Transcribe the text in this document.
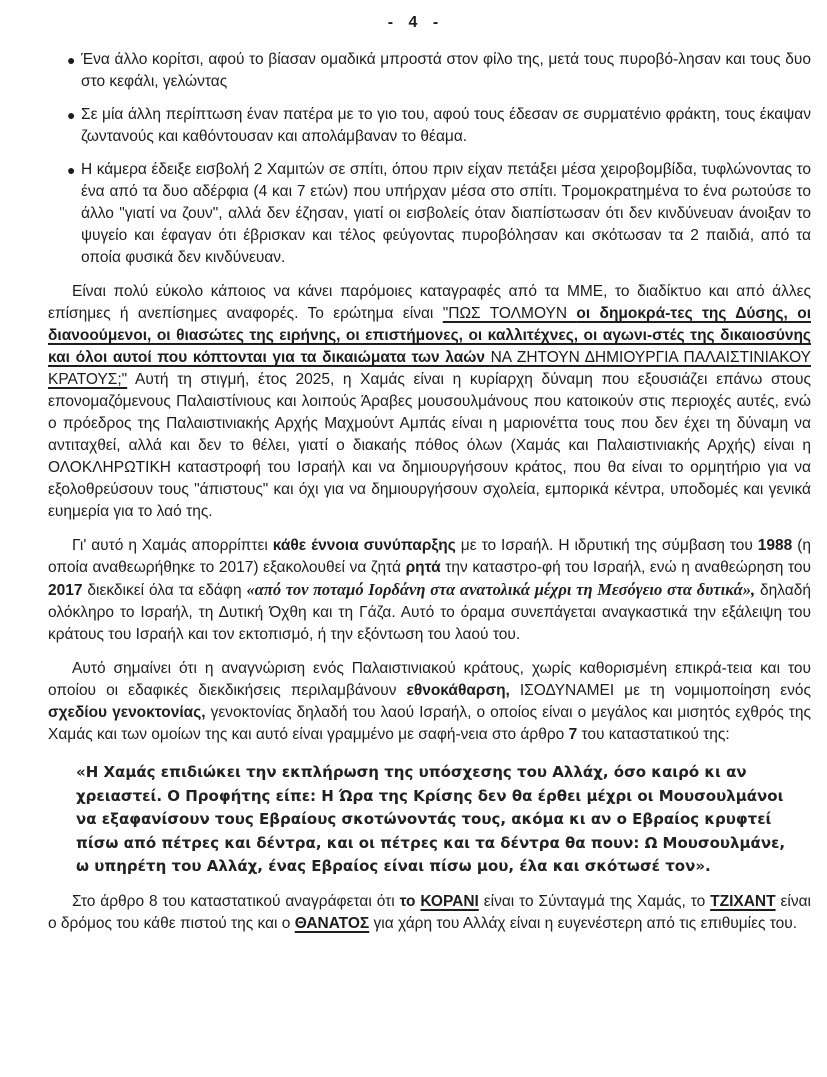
- 4 -
● Ένα άλλο κορίτσι, αφού το βίασαν ομαδικά μπροστά στον φίλο της, μετά τους πυροβό-λησαν και τους δυο στο κεφάλι, γελώντας
● Σε μία άλλη περίπτωση έναν πατέρα με το γιο του, αφού τους έδεσαν σε συρματένιο φράκτη, τους έκαψαν ζωντανούς και καθόντουσαν και απολάμβαναν το θέαμα.
● Η κάμερα έδειξε εισβολή 2 Χαμιτών σε σπίτι, όπου πριν είχαν πετάξει μέσα χειροβομβίδα, τυφλώνοντας το ένα από τα δυο αδέρφια (4 και 7 ετών) που υπήρχαν μέσα στο σπίτι. Τρομοκρατημένα το ένα ρωτούσε το άλλο "γιατί να ζουν", αλλά δεν έζησαν, γιατί οι εισβολείς όταν διαπίστωσαν ότι δεν κινδύνευαν άνοιξαν το ψυγείο και έφαγαν ότι έβρισκαν και τέλος φεύγοντας πυροβόλησαν και σκότωσαν τα 2 παιδιά, από τα οποία φυσικά δεν κινδύνευαν.

Είναι πολύ εύκολο κάποιος να κάνει παρόμοιες καταγραφές από τα ΜΜΕ, το διαδίκτυο και από άλλες επίσημες ή ανεπίσημες αναφορές. Το ερώτημα είναι "ΠΩΣ ΤΟΛΜΟΥΝ οι δημοκρά-τες της Δύσης, οι διανοούμενοι, οι θιασώτες της ειρήνης, οι επιστήμονες, οι καλλιτέχνες, οι αγωνι-στές της δικαιοσύνης και όλοι αυτοί που κόπτονται για τα δικαιώματα των λαών ΝΑ ΖΗΤΟΥΝ ΔΗΜΙΟΥΡΓΙΑ ΠΑΛΑΙΣΤΙΝΙΑΚΟΥ ΚΡΑΤΟΥΣ;" Αυτή τη στιγμή, έτος 2025, η Χαμάς είναι η κυρίαρχη δύναμη που εξουσιάζει επάνω στους επονομαζόμενους Παλαιστίνιους και λοιπούς Άραβες μουσουλμάνους που κατοικούν στις περιοχές αυτές, ενώ ο πρόεδρος της Παλαιστινιακής Αρχής Μαχμούντ Αμπάς είναι η μαριονέττα τους που δεν έχει τη δύναμη να αντιταχθεί, αλλά και δεν το θέλει, γιατί ο διακαής πόθος όλων (Χαμάς και Παλαιστινιακής Αρχής) είναι η ΟΛΟΚΛΗΡΩΤΙΚΗ καταστροφή του Ισραήλ και να δημιουργήσουν κράτος, που θα είναι το ορμητήριο για να εξολοθρεύσουν τους "άπιστους" και όχι για να δημιουργήσουν σχολεία, εμπορικά κέντρα, υποδομές και γενικά ευημερία για το λαό της.

Γι' αυτό η Χαμάς απορρίπτει κάθε έννοια συνύπαρξης με το Ισραήλ. Η ιδρυτική της σύμβαση του 1988 (η οποία αναθεωρήθηκε το 2017) εξακολουθεί να ζητά ρητά την καταστρο-φή του Ισραήλ, ενώ η αναθεώρηση του 2017 διεκδικεί όλα τα εδάφη «από τον ποταμό Ιορδάνη στα ανατολικά μέχρι τη Μεσόγειο στα δυτικά», δηλαδή ολόκληρο το Ισραήλ, τη Δυτική Όχθη και τη Γάζα. Αυτό το όραμα συνεπάγεται αναγκαστικά την εξάλειψη του κράτους του Ισραήλ και τον εκτοπισμό, ή την εξόντωση του λαού του.

Αυτό σημαίνει ότι η αναγνώριση ενός Παλαιστινιακού κράτους, χωρίς καθορισμένη επικρά-τεια και του οποίου οι εδαφικές διεκδικήσεις περιλαμβάνουν εθνοκάθαρση, ΙΣΟΔΥΝΑΜΕΙ με τη νομιμοποίηση ενός σχεδίου γενοκτονίας, γενοκτονίας δηλαδή του λαού Ισραήλ, ο οποίος είναι ο μεγάλος και μισητός εχθρός της Χαμάς και των ομοίων της και αυτό είναι γραμμένο με σαφή-νεια στο άρθρο 7 του καταστατικού της:

«Η Χαμάς επιδιώκει την εκπλήρωση της υπόσχεσης του Αλλάχ, όσο καιρό κι αν χρειαστεί. Ο Προφήτης είπε: Η Ώρα της Κρίσης δεν θα έρθει μέχρι οι Μουσουλμάνοι να εξαφανίσουν τους Εβραίους σκοτώνοντάς τους, ακόμα κι αν ο Εβραίος κρυφτεί πίσω από πέτρες και δέντρα, και οι πέτρες και τα δέντρα θα πουν: Ω Μουσουλμάνε, ω υπηρέτη του Αλλάχ, ένας Εβραίος είναι πίσω μου, έλα και σκότωσέ τον».

Στο άρθρο 8 του καταστατικού αναγράφεται ότι το ΚΟΡΑΝΙ είναι το Σύνταγμά της Χαμάς, το ΤΖΙΧΑΝΤ είναι ο δρόμος του κάθε πιστού της και ο ΘΑΝΑΤΟΣ για χάρη του Αλλάχ είναι η ευγενέστερη από τις επιθυμίες του.
